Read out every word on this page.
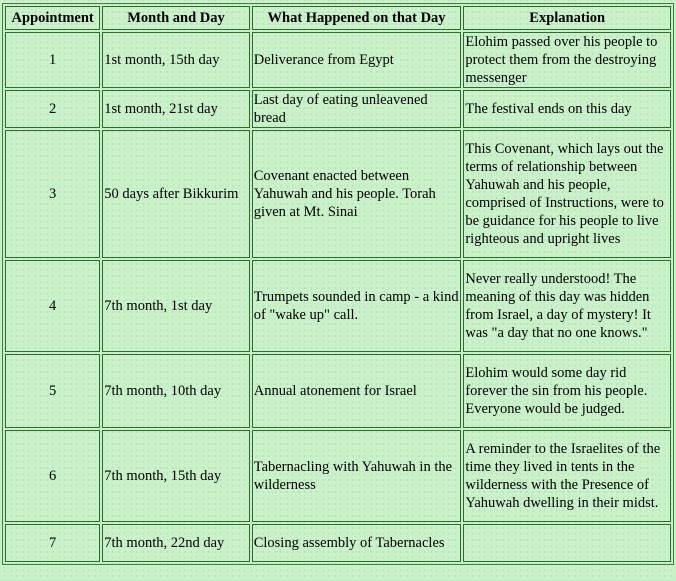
Appointment	Month and Day	What Happened on that Day	Explanation
1	1st month, 15th day	Deliverance from Egypt	Elohim passed over his people to protect them from the destroying messenger
2	1st month, 21st day	Last day of eating unleavened bread	The festival ends on this day
3	50 days after Bikkurim	Covenant enacted between Yahuwah and his people. Torah given at Mt. Sinai	This Covenant, which lays out the terms of relationship between Yahuwah and his people, comprised of Instructions, were to be guidance for his people to live righteous and upright lives
4	7th month, 1st day	Trumpets sounded in camp - a kind of "wake up" call.	Never really understood! The meaning of this day was hidden from Israel, a day of mystery! It was "a day that no one knows."
5	7th month, 10th day	Annual atonement for Israel	Elohim would some day rid forever the sin from his people. Everyone would be judged.
6	7th month, 15th day	Tabernacling with Yahuwah in the wilderness	A reminder to the Israelites of the time they lived in tents in the wilderness with the Presence of Yahuwah dwelling in their midst.
7	7th month, 22nd day	Closing assembly of Tabernacles	
